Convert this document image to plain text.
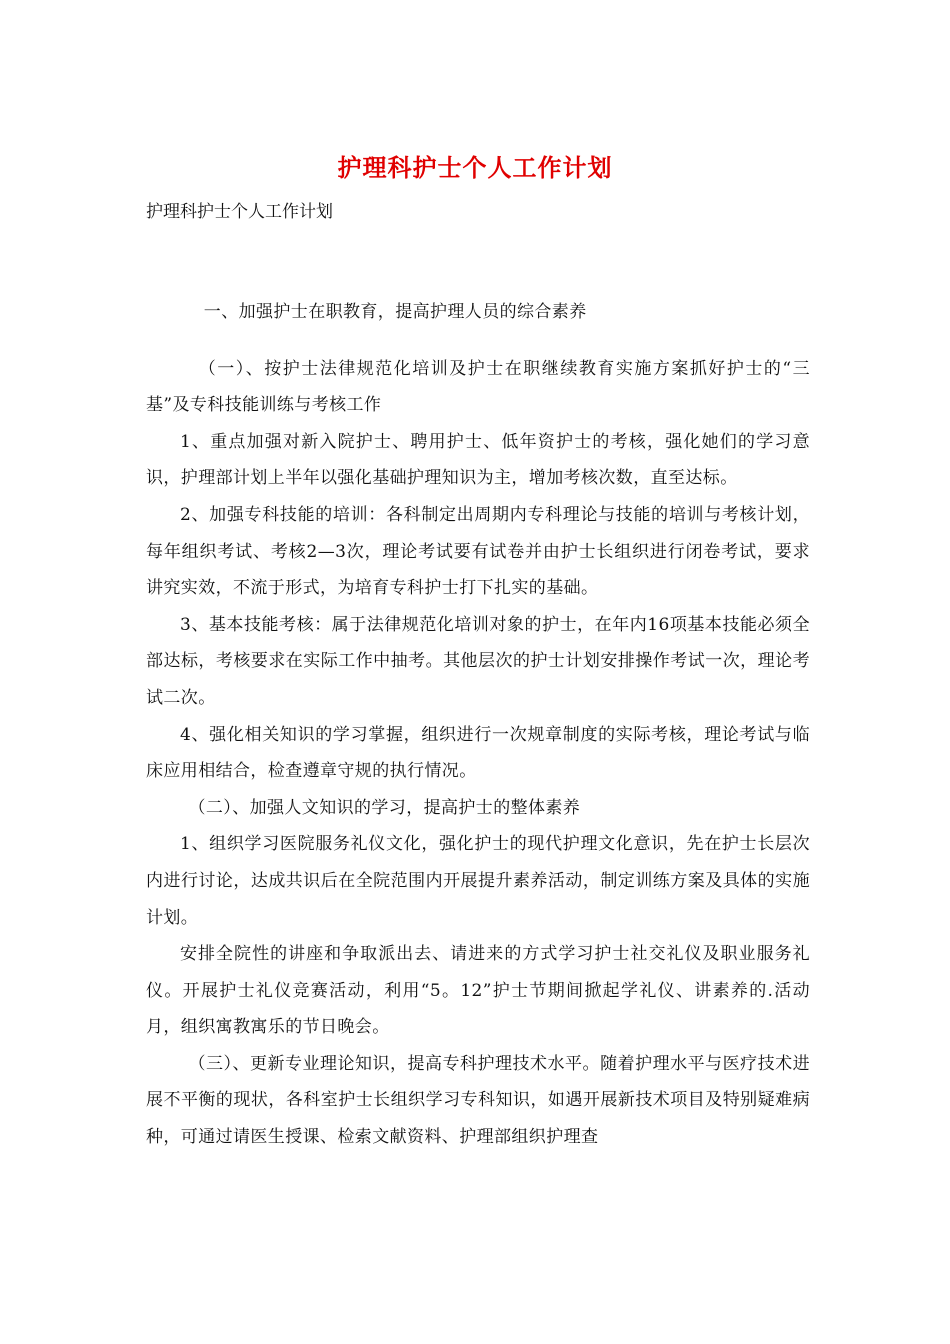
护理科护士个人工作计划

护理科护士个人工作计划

一、加强护士在职教育，提高护理人员的综合素养

（一）、按护士法律规范化培训及护士在职继续教育实施方案抓好护士的“三基”及专科技能训练与考核工作

1、重点加强对新入院护士、聘用护士、低年资护士的考核，强化她们的学习意识，护理部计划上半年以强化基础护理知识为主，增加考核次数，直至达标。

2、加强专科技能的培训：各科制定出周期内专科理论与技能的培训与考核计划，每年组织考试、考核2—3次，理论考试要有试卷并由护士长组织进行闭卷考试，要求讲究实效，不流于形式，为培育专科护士打下扎实的基础。

3、基本技能考核：属于法律规范化培训对象的护士，在年内16项基本技能必须全部达标，考核要求在实际工作中抽考。其他层次的护士计划安排操作考试一次，理论考试二次。

4、强化相关知识的学习掌握，组织进行一次规章制度的实际考核，理论考试与临床应用相结合，检查遵章守规的执行情况。

（二）、加强人文知识的学习，提高护士的整体素养

1、组织学习医院服务礼仪文化，强化护士的现代护理文化意识，先在护士长层次内进行讨论，达成共识后在全院范围内开展提升素养活动，制定训练方案及具体的实施计划。

安排全院性的讲座和争取派出去、请进来的方式学习护士社交礼仪及职业服务礼仪。开展护士礼仪竞赛活动，利用“5。12”护士节期间掀起学礼仪、讲素养的.活动月，组织寓教寓乐的节日晚会。

（三）、更新专业理论知识，提高专科护理技术水平。随着护理水平与医疗技术进展不平衡的现状，各科室护士长组织学习专科知识，如遇开展新技术项目及特别疑难病种，可通过请医生授课、检索文献资料、护理部组织护理查
